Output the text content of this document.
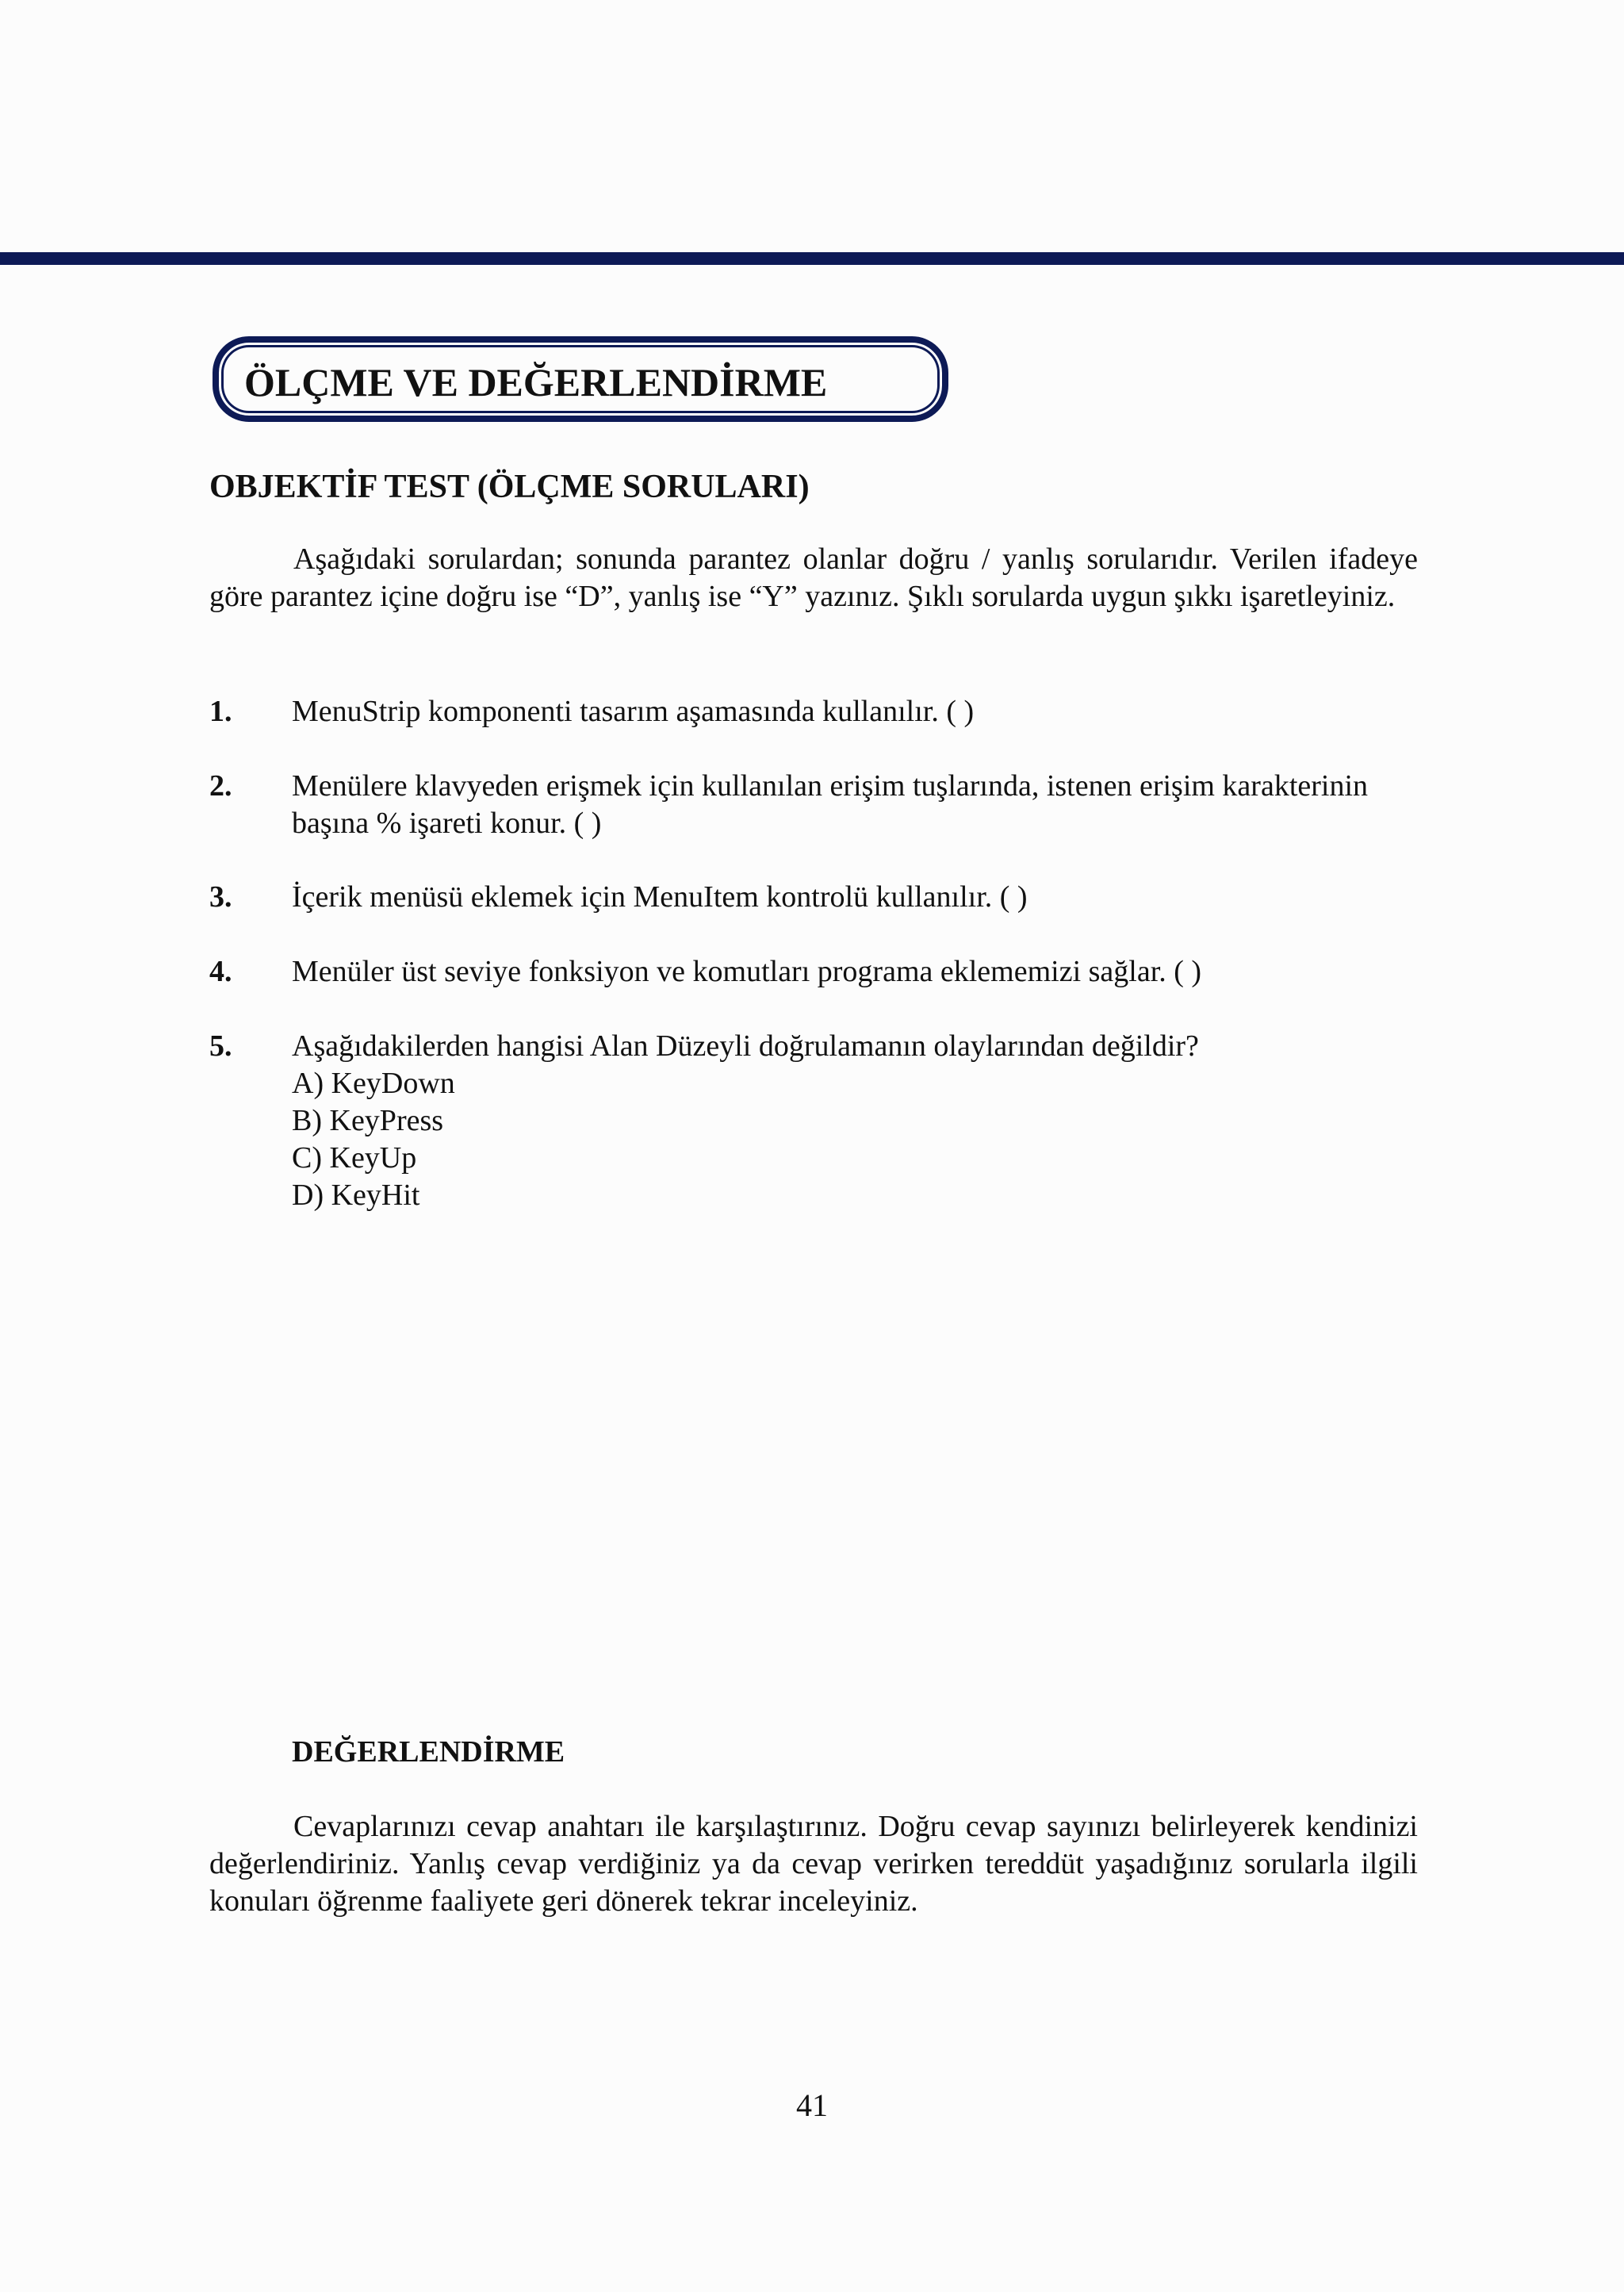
ÖLÇME VE DEĞERLENDİRME
OBJEKTİF TEST (ÖLÇME SORULARI)
Aşağıdaki sorulardan; sonunda parantez olanlar doğru / yanlış sorularıdır. Verilen ifadeye göre parantez içine doğru ise “D”, yanlış ise “Y” yazınız. Şıklı sorularda uygun şıkkı işaretleyiniz.
1. MenuStrip komponenti tasarım aşamasında kullanılır. ( )
2. Menülere klavyeden erişmek için kullanılan erişim tuşlarında, istenen erişim karakterinin başına % işareti konur. ( )
3. İçerik menüsü eklemek için MenuItem kontrolü kullanılır. ( )
4. Menüler üst seviye fonksiyon ve komutları programa eklememizi sağlar. ( )
5. Aşağıdakilerden hangisi Alan Düzeyli doğrulamanın olaylarından değildir?
A) KeyDown
B) KeyPress
C) KeyUp
D) KeyHit
DEĞERLENDİRME
Cevaplarınızı cevap anahtarı ile karşılaştırınız. Doğru cevap sayınızı belirleyerek kendinizi değerlendiriniz. Yanlış cevap verdiğiniz ya da cevap verirken tereddüt yaşadığınız sorularla ilgili konuları öğrenme faaliyete geri dönerek tekrar inceleyiniz.
41
